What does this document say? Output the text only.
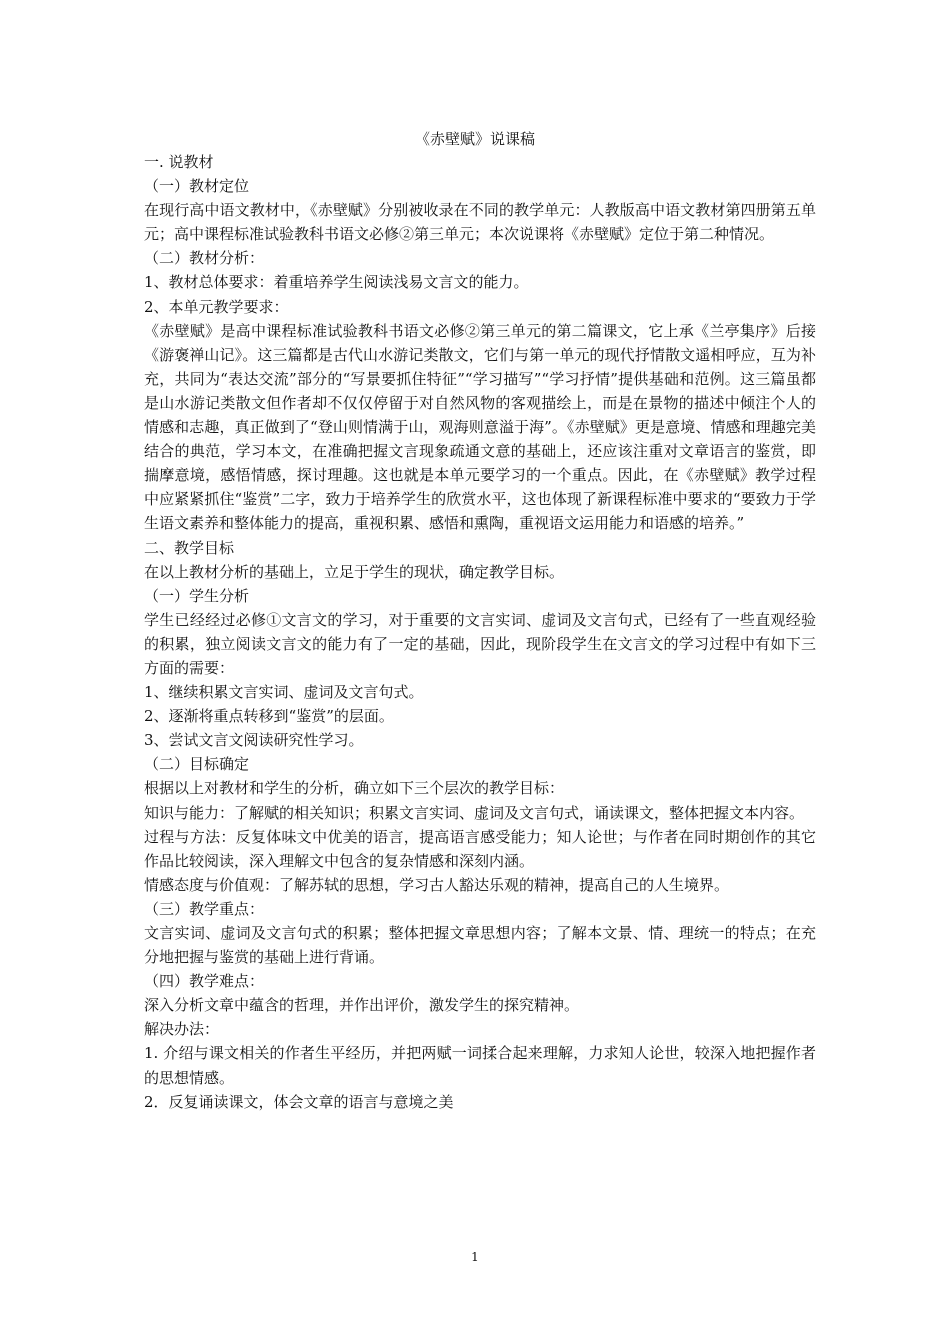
《赤壁赋》说课稿

一. 说教材

（一）教材定位

在现行高中语文教材中，《赤壁赋》分别被收录在不同的教学单元：人教版高中语文教材第四册第五单元；高中课程标准试验教科书语文必修②第三单元；本次说课将《赤壁赋》定位于第二种情况。

（二）教材分析：

1、教材总体要求：着重培养学生阅读浅易文言文的能力。

2、本单元教学要求：

《赤壁赋》是高中课程标准试验教科书语文必修②第三单元的第二篇课文，它上承《兰亭集序》后接《游褒禅山记》。这三篇都是古代山水游记类散文，它们与第一单元的现代抒情散文遥相呼应，互为补充，共同为“表达交流”部分的“写景要抓住特征”“学习描写”“学习抒情”提供基础和范例。这三篇虽都是山水游记类散文但作者却不仅仅停留于对自然风物的客观描绘上，而是在景物的描述中倾注个人的情感和志趣，真正做到了“登山则情满于山，观海则意溢于海”。《赤壁赋》更是意境、情感和理趣完美结合的典范，学习本文，在准确把握文言现象疏通文意的基础上，还应该注重对文章语言的鉴赏，即揣摩意境，感悟情感，探讨理趣。这也就是本单元要学习的一个重点。因此，在《赤壁赋》教学过程中应紧紧抓住“鉴赏”二字，致力于培养学生的欣赏水平，这也体现了新课程标准中要求的“要致力于学生语文素养和整体能力的提高，重视积累、感悟和熏陶，重视语文运用能力和语感的培养。”

二、教学目标

在以上教材分析的基础上，立足于学生的现状，确定教学目标。

（一）学生分析

学生已经经过必修①文言文的学习，对于重要的文言实词、虚词及文言句式，已经有了一些直观经验的积累，独立阅读文言文的能力有了一定的基础，因此，现阶段学生在文言文的学习过程中有如下三方面的需要：

1、继续积累文言实词、虚词及文言句式。

2、逐渐将重点转移到“鉴赏”的层面。

3、尝试文言文阅读研究性学习。

（二）目标确定

根据以上对教材和学生的分析，确立如下三个层次的教学目标：

知识与能力：了解赋的相关知识；积累文言实词、虚词及文言句式，诵读课文，整体把握文本内容。

过程与方法：反复体味文中优美的语言，提高语言感受能力；知人论世；与作者在同时期创作的其它作品比较阅读，深入理解文中包含的复杂情感和深刻内涵。

情感态度与价值观：了解苏轼的思想，学习古人豁达乐观的精神，提高自己的人生境界。

（三）教学重点：

文言实词、虚词及文言句式的积累；整体把握文章思想内容；了解本文景、情、理统一的特点；在充分地把握与鉴赏的基础上进行背诵。

（四）教学难点：

深入分析文章中蕴含的哲理，并作出评价，激发学生的探究精神。

解决办法：

1. 介绍与课文相关的作者生平经历，并把两赋一词揉合起来理解，力求知人论世，较深入地把握作者的思想情感。

2．反复诵读课文，体会文章的语言与意境之美

1
